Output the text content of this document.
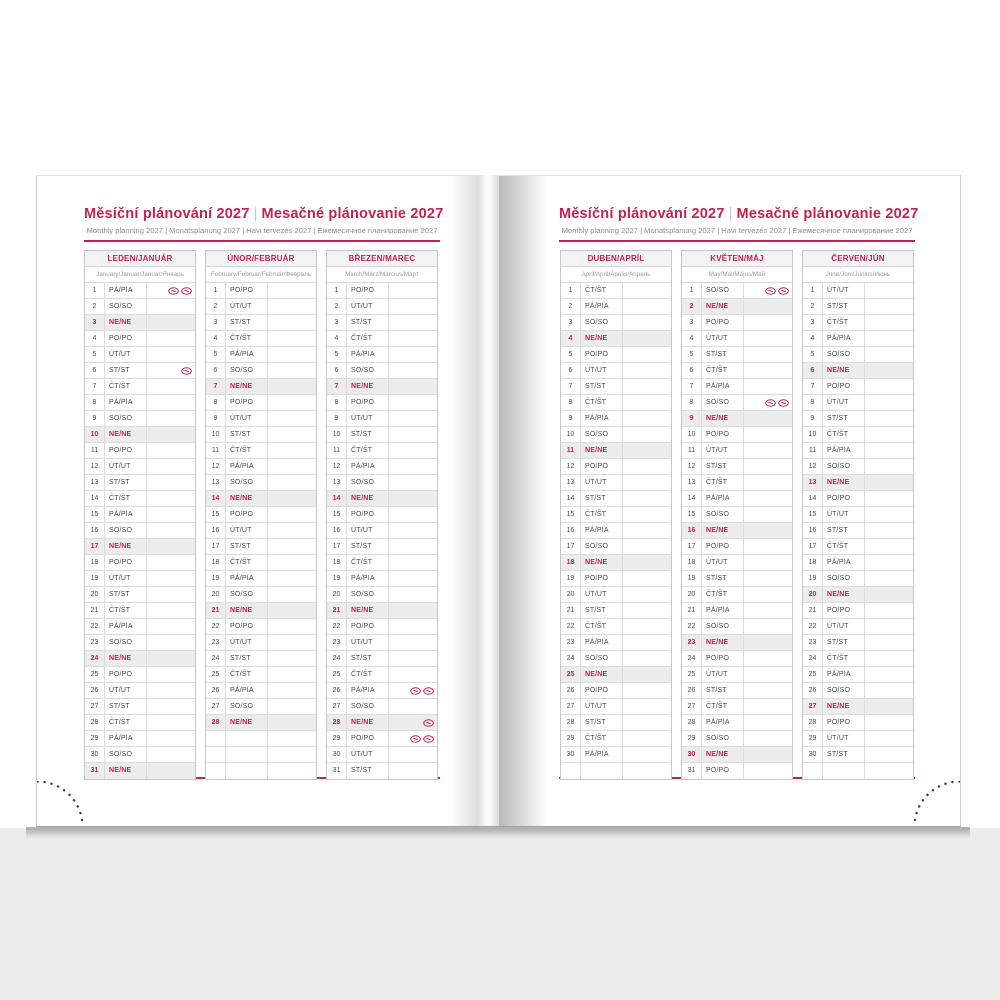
Měsíční plánování 2027 | Mesačné plánovanie 2027
Monthly planning 2027 | Monatsplanung 2027 | Havi tervezés 2027 | Ежемесячное планирование 2027
Měsíční plánování 2027 | Mesačné plánovanie 2027
Monthly planning 2027 | Monatsplanung 2027 | Havi tervezés 2027 | Ежемесячное планирование 2027
LEDEN/JANUÁR
January/Januar/Január/Январь
1	PÁ/PIA
2	SO/SO
3	NE/NE
4	PO/PO
5	ÚT/UT
6	ST/ST
7	ČT/ŠT
8	PÁ/PIA
9	SO/SO
10	NE/NE
11	PO/PO
12	ÚT/UT
13	ST/ST
14	ČT/ŠT
15	PÁ/PIA
16	SO/SO
17	NE/NE
18	PO/PO
19	ÚT/UT
20	ST/ST
21	ČT/ŠT
22	PÁ/PIA
23	SO/SO
24	NE/NE
25	PO/PO
26	ÚT/UT
27	ST/ST
28	ČT/ŠT
29	PÁ/PIA
30	SO/SO
31	NE/NE
ÚNOR/FEBRUÁR
February/Februar/Február/Февраль
1	PO/PO
2	ÚT/UT
3	ST/ST
4	ČT/ŠT
5	PÁ/PIA
6	SO/SO
7	NE/NE
8	PO/PO
9	ÚT/UT
10	ST/ST
11	ČT/ŠT
12	PÁ/PIA
13	SO/SO
14	NE/NE
15	PO/PO
16	ÚT/UT
17	ST/ST
18	ČT/ŠT
19	PÁ/PIA
20	SO/SO
21	NE/NE
22	PO/PO
23	ÚT/UT
24	ST/ST
25	ČT/ŠT
26	PÁ/PIA
27	SO/SO
28	NE/NE
BŘEZEN/MAREC
March/März/Március/Март
1	PO/PO
2	ÚT/UT
3	ST/ST
4	ČT/ŠT
5	PÁ/PIA
6	SO/SO
7	NE/NE
8	PO/PO
9	ÚT/UT
10	ST/ST
11	ČT/ŠT
12	PÁ/PIA
13	SO/SO
14	NE/NE
15	PO/PO
16	ÚT/UT
17	ST/ST
18	ČT/ŠT
19	PÁ/PIA
20	SO/SO
21	NE/NE
22	PO/PO
23	ÚT/UT
24	ST/ST
25	ČT/ŠT
26	PÁ/PIA
27	SO/SO
28	NE/NE
29	PO/PO
30	ÚT/UT
31	ST/ST
DUBEN/APRÍL
April/April/Április/Апрель
1	ČT/ŠT
2	PÁ/PIA
3	SO/SO
4	NE/NE
5	PO/PO
6	ÚT/UT
7	ST/ST
8	ČT/ŠT
9	PÁ/PIA
10	SO/SO
11	NE/NE
12	PO/PO
13	ÚT/UT
14	ST/ST
15	ČT/ŠT
16	PÁ/PIA
17	SO/SO
18	NE/NE
19	PO/PO
20	ÚT/UT
21	ST/ST
22	ČT/ŠT
23	PÁ/PIA
24	SO/SO
25	NE/NE
26	PO/PO
27	ÚT/UT
28	ST/ST
29	ČT/ŠT
30	PÁ/PIA
KVĚTEN/MÁJ
May/Mai/Május/Май
1	SO/SO
2	NE/NE
3	PO/PO
4	ÚT/UT
5	ST/ST
6	ČT/ŠT
7	PÁ/PIA
8	SO/SO
9	NE/NE
10	PO/PO
11	ÚT/UT
12	ST/ST
13	ČT/ŠT
14	PÁ/PIA
15	SO/SO
16	NE/NE
17	PO/PO
18	ÚT/UT
19	ST/ST
20	ČT/ŠT
21	PÁ/PIA
22	SO/SO
23	NE/NE
24	PO/PO
25	ÚT/UT
26	ST/ST
27	ČT/ŠT
28	PÁ/PIA
29	SO/SO
30	NE/NE
31	PO/PO
ČERVEN/JÚN
June/Juni/Június/Июнь
1	ÚT/UT
2	ST/ST
3	ČT/ŠT
4	PÁ/PIA
5	SO/SO
6	NE/NE
7	PO/PO
8	ÚT/UT
9	ST/ST
10	ČT/ŠT
11	PÁ/PIA
12	SO/SO
13	NE/NE
14	PO/PO
15	ÚT/UT
16	ST/ST
17	ČT/ŠT
18	PÁ/PIA
19	SO/SO
20	NE/NE
21	PO/PO
22	ÚT/UT
23	ST/ST
24	ČT/ŠT
25	PÁ/PIA
26	SO/SO
27	NE/NE
28	PO/PO
29	ÚT/UT
30	ST/ST
